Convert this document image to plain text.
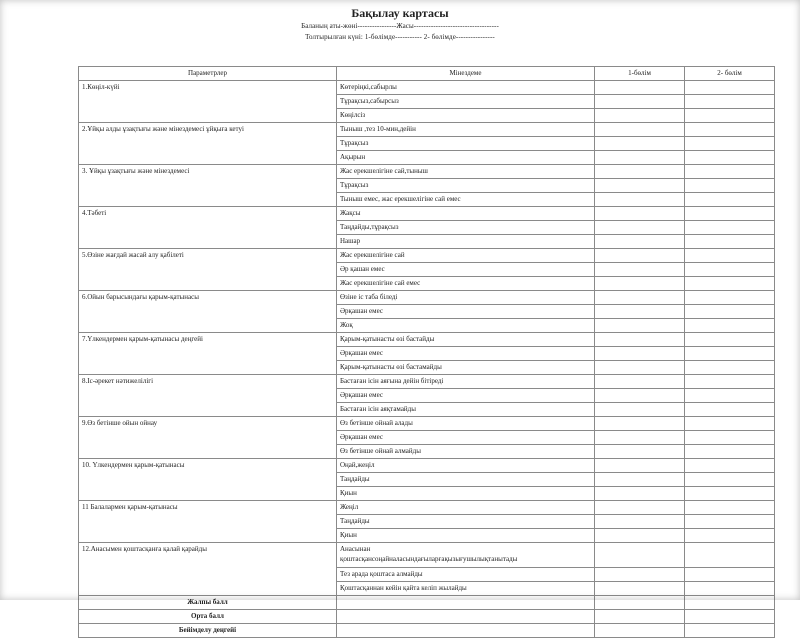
Бақылау картасы
Баланың аты-жөні----------------Жасы-----------------------------------
Толтырылған күні: 1-бөлімде----------- 2- бөлімде----------------
Параметрлер	Мінездеме	1-бөлім	2- бөлім
1.Көңіл-күйі	Көтеріңкі,сабырлы		
	Тұрақсыз,сабырсыз		
	Көңілсіз		
2.Ұйқы алды ұзақтығы және мінездемесі ұйқыға кетуі	Тыныш ,тез 10-мин,дейін		
	Тұрақсыз		
	Ақырын		
3. Ұйқы ұзақтығы және мінездемесі	Жас ерекшелігіне сай,тыныш		
	Тұрақсыз		
	Тыныш емес, жас ерекшелігіне сай емес		
4.Тәбеті	Жақсы		
	Таңдайды,тұрақсыз		
	Нашар		
5.Өзіне жағдай жасай алу қабілеті	Жас ерекшелігіне сай		
	Әр қашан емес		
	Жас ерекшелігіне сай емес		
6.Ойын барысындағы қарым-қатынасы	Өзіне іс таба біледі		
	Әрқашан емес		
	Жоқ		
7.Үлкендермен қарым-қатынасы деңгейі	Қарым-қатынасты өзі бастайды		
	Әрқашан емес		
	Қарым-қатынасты өзі бастамайды		
8.Іс-әрекет нәтижелілігі	Бастаған ісін аяғына дейін бітіреді		
	Әрқашан емес		
	Бастаған ісін аяқтамайды		
9.Өз бетінше ойын ойнау	Өз бетінше ойнай алады		
	Әрқашан емес		
	Өз бетінше ойнай алмайды		
10. Үлкендермен қарым-қатынасы	Оңай,жеңіл		
	Таңдайды		
	Қиын		
11 Балалармен қарым-қатынасы	Жеңіл		
	Таңдайды		
	Қиын		
12.Анасымен қоштасқанға қалай қарайды	Анасынан
қоштасқансоңайналасындағыларғақызығушылықтанытады		
	Тез арада қоштаса алмайды		
	Қоштасқаннан кейін қайта келіп жылайды		
Жалпы балл			
Орта балл			
Бейімделу деңгейі			
